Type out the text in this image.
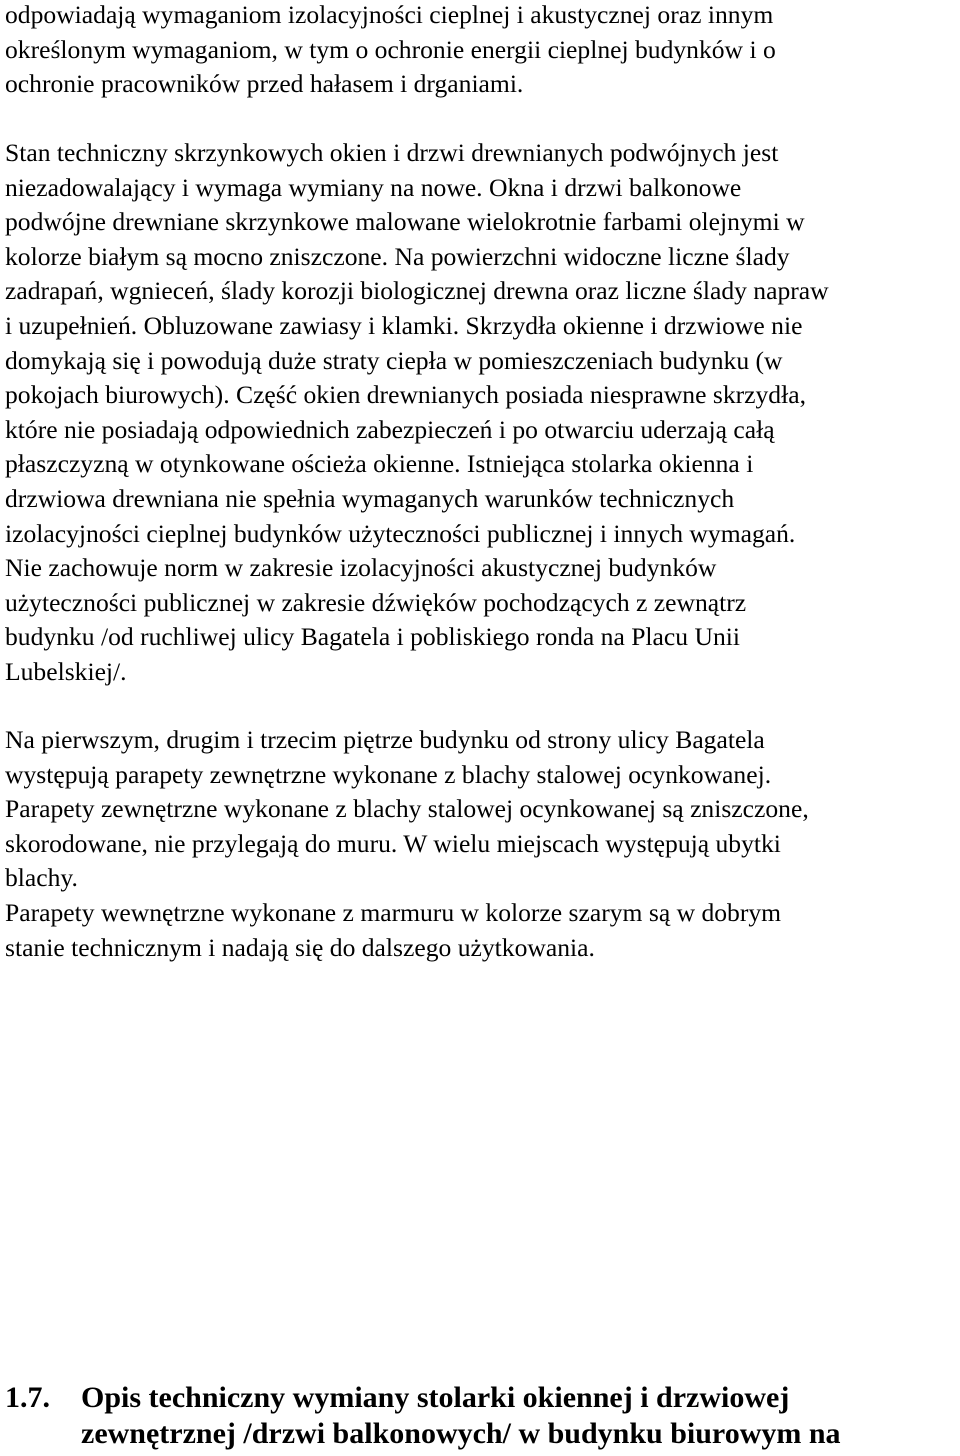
odpowiadają wymaganiom izolacyjności cieplnej i akustycznej oraz innym
określonym wymaganiom, w tym o ochronie energii cieplnej budynków i o
ochronie pracowników przed hałasem i drganiami.
Stan techniczny skrzynkowych okien i drzwi drewnianych podwójnych jest
niezadowalający i wymaga wymiany na nowe. Okna i drzwi balkonowe
podwójne drewniane skrzynkowe malowane wielokrotnie farbami olejnymi w
kolorze białym są mocno zniszczone. Na powierzchni widoczne liczne ślady
zadrapań, wgnieceń, ślady korozji biologicznej drewna oraz liczne ślady napraw
i uzupełnień. Obluzowane zawiasy i klamki. Skrzydła okienne i drzwiowe nie
domykają się i powodują duże straty ciepła w pomieszczeniach budynku (w
pokojach biurowych). Część okien drewnianych posiada niesprawne skrzydła,
które nie posiadają odpowiednich zabezpieczeń i po otwarciu uderzają całą
płaszczyzną w otynkowane ościeża okienne. Istniejąca stolarka okienna i
drzwiowa drewniana nie spełnia wymaganych warunków technicznych
izolacyjności cieplnej budynków użyteczności publicznej i innych wymagań.
Nie zachowuje norm w zakresie izolacyjności akustycznej budynków
użyteczności publicznej w zakresie dźwięków pochodzących z zewnątrz
budynku /od ruchliwej ulicy Bagatela i pobliskiego ronda na Placu Unii
Lubelskiej/.
Na pierwszym, drugim i trzecim piętrze budynku od strony ulicy Bagatela
występują parapety zewnętrzne wykonane z blachy stalowej ocynkowanej.
Parapety zewnętrzne wykonane z blachy stalowej ocynkowanej są zniszczone,
skorodowane, nie przylegają do muru. W wielu miejscach występują ubytki
blachy.
Parapety wewnętrzne wykonane z marmuru w kolorze szarym są w dobrym
stanie technicznym i nadają się do dalszego użytkowania.
1.7. Opis techniczny wymiany stolarki okiennej i drzwiowej
zewnętrznej /drzwi balkonowych/ w budynku biurowym na
